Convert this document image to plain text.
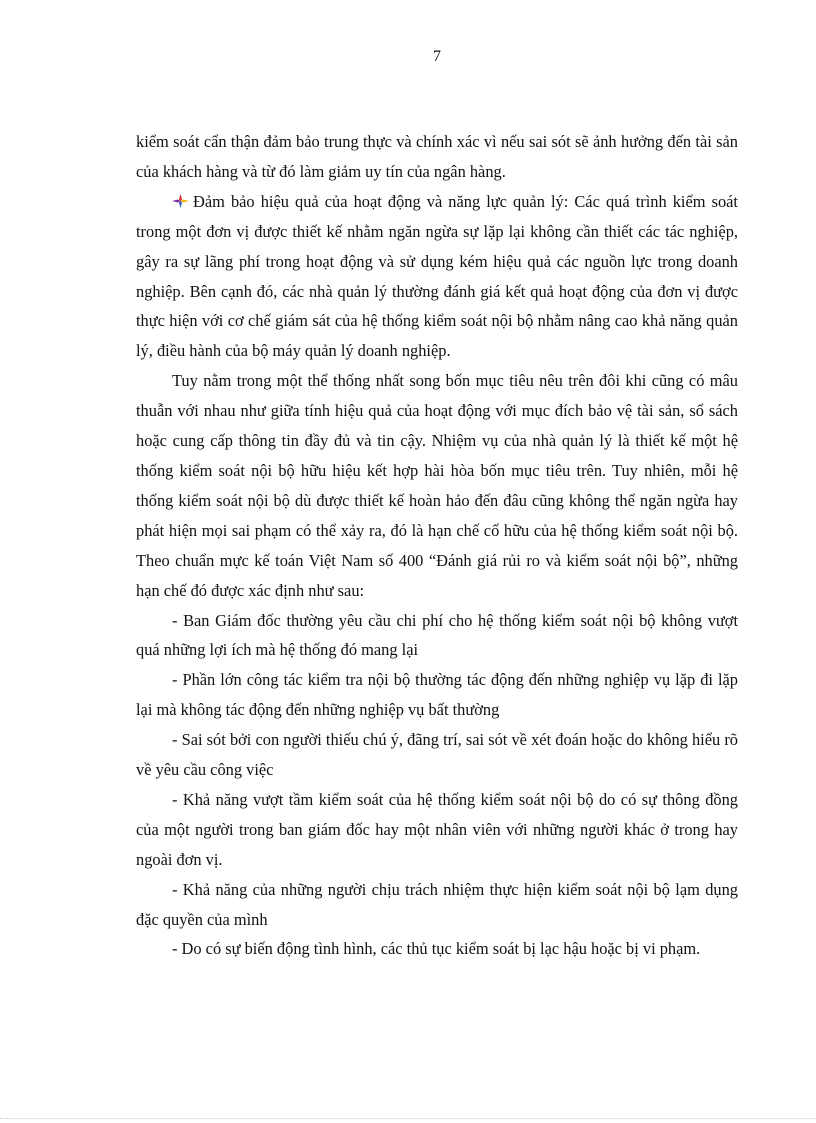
7

kiểm soát cẩn thận đảm bảo trung thực và chính xác vì nếu sai sót sẽ ảnh hưởng đến tài sản của khách hàng và từ đó làm giảm uy tín của ngân hàng.

Đảm bảo hiệu quả của hoạt động và năng lực quản lý: Các quá trình kiểm soát trong một đơn vị được thiết kế nhằm ngăn ngừa sự lặp lại không cần thiết các tác nghiệp, gây ra sự lãng phí trong hoạt động và sử dụng kém hiệu quả các nguồn lực trong doanh nghiệp. Bên cạnh đó, các nhà quản lý thường đánh giá kết quả hoạt động của đơn vị được thực hiện với cơ chế giám sát của hệ thống kiểm soát nội bộ nhằm nâng cao khả năng quản lý, điều hành của bộ máy quản lý doanh nghiệp.

Tuy nằm trong một thể thống nhất song bốn mục tiêu nêu trên đôi khi cũng có mâu thuẫn với nhau như giữa tính hiệu quả của hoạt động với mục đích bảo vệ tài sản, sổ sách hoặc cung cấp thông tin đầy đủ và tin cậy. Nhiệm vụ của nhà quản lý là thiết kế một hệ thống kiểm soát nội bộ hữu hiệu kết hợp hài hòa bốn mục tiêu trên. Tuy nhiên, mỗi hệ thống kiểm soát nội bộ dù được thiết kế hoàn hảo đến đâu cũng không thể ngăn ngừa hay phát hiện mọi sai phạm có thể xảy ra, đó là hạn chế cố hữu của hệ thống kiểm soát nội bộ. Theo chuẩn mực kế toán Việt Nam số 400 “Đánh giá rủi ro và kiểm soát nội bộ”, những hạn chế đó được xác định như sau:

- Ban Giám đốc thường yêu cầu chi phí cho hệ thống kiểm soát nội bộ không vượt quá những lợi ích mà hệ thống đó mang lại

- Phần lớn công tác kiểm tra nội bộ thường tác động đến những nghiệp vụ lặp đi lặp lại mà không tác động đến những nghiệp vụ bất thường

- Sai sót bởi con người thiếu chú ý, đãng trí, sai sót về xét đoán hoặc do không hiểu rõ về yêu cầu công việc

- Khả năng vượt tầm kiểm soát của hệ thống kiểm soát nội bộ do có sự thông đồng của một người trong ban giám đốc hay một nhân viên với những người khác ở trong hay ngoài đơn vị.

- Khả năng của những người chịu trách nhiệm thực hiện kiểm soát nội bộ lạm dụng đặc quyền của mình

- Do có sự biến động tình hình, các thủ tục kiểm soát bị lạc hậu hoặc bị vi phạm.
